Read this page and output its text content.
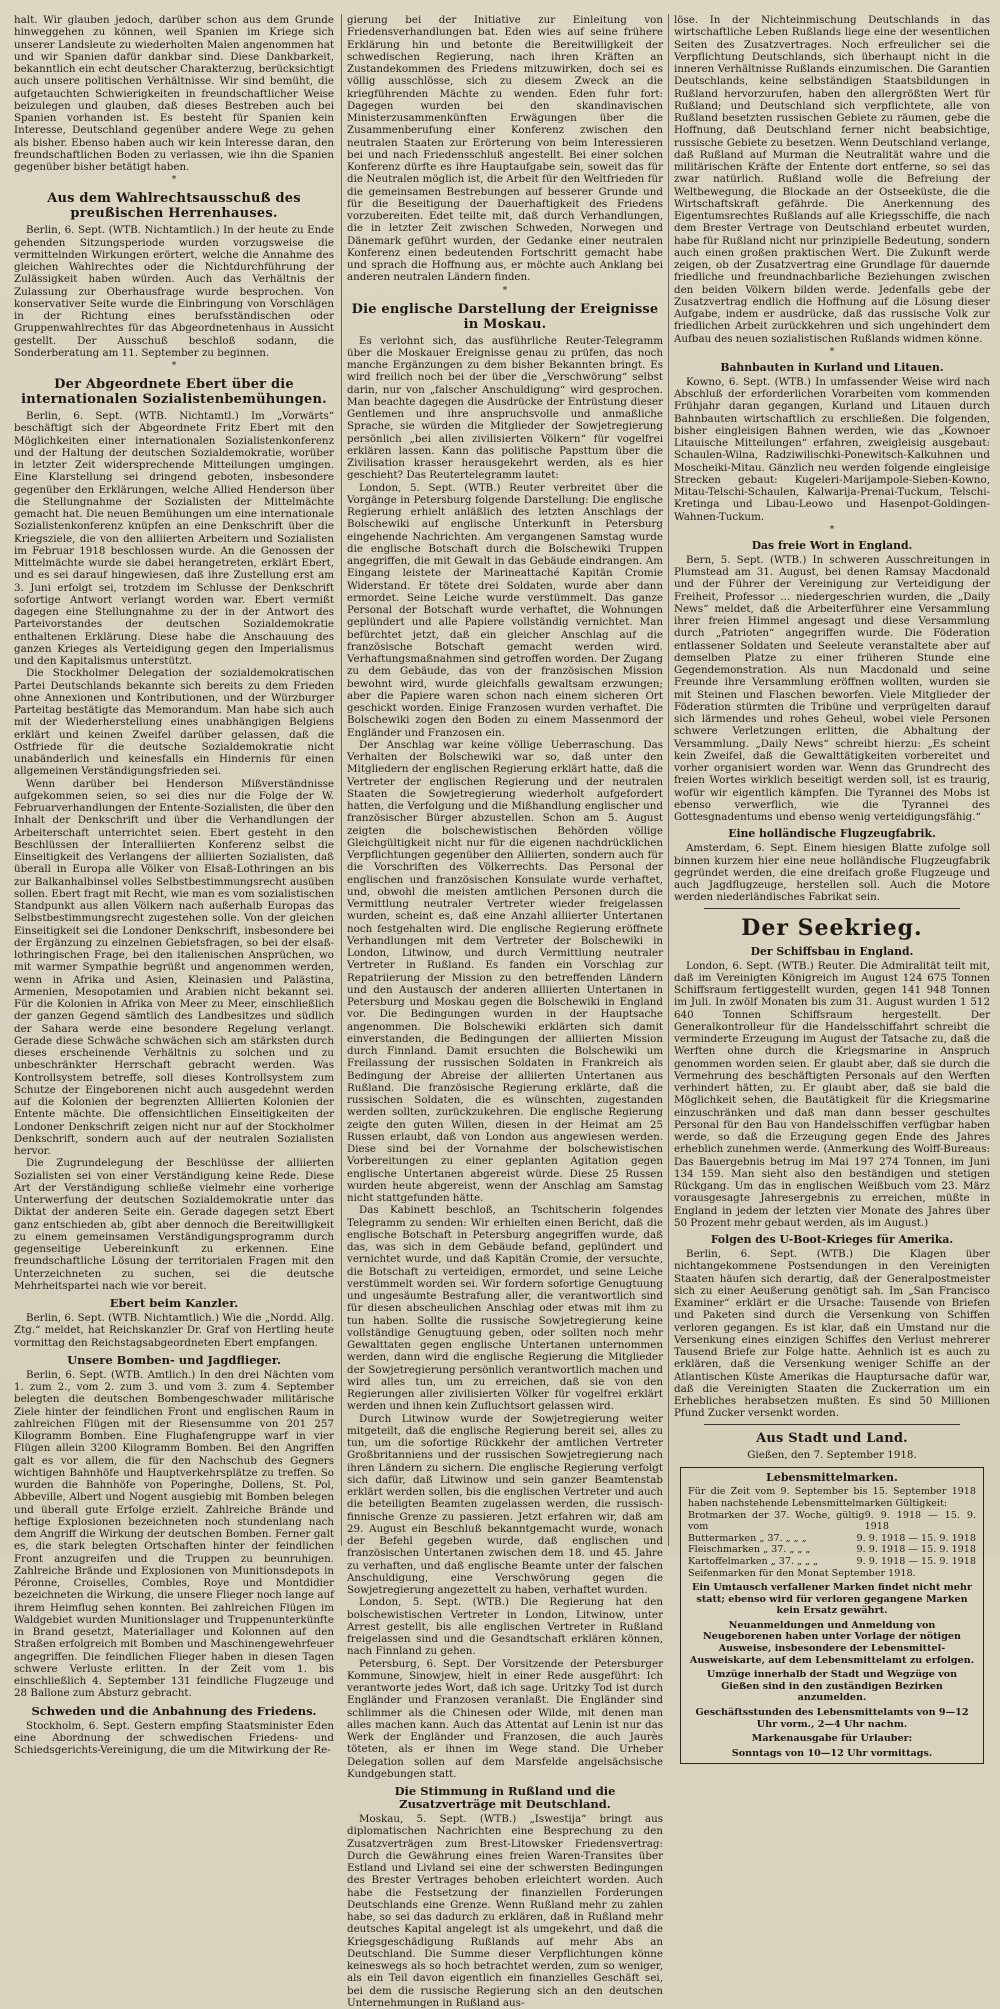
halt. Wir glauben jedoch, darüber schon aus dem Grunde hinweggehen zu können, weil Spanien im Kriege sich unserer Landsleute zu wiederholten Malen angenommen hat und wir Spanien dafür dankbar sind. Diese Dankbarkeit, bekanntlich ein echt deutscher Charakterzug, berücksichtigt auch unsere politischen Verhältnisse. Wir sind bemüht, die aufgetauchten Schwierigkeiten in freundschaftlicher Weise beizulegen und glauben, daß dieses Bestreben auch bei Spanien vorhanden ist. Es besteht für Spanien kein Interesse, Deutschland gegenüber andere Wege zu gehen als bisher. Ebenso haben auch wir kein Interesse daran, den freundschaftlichen Boden zu verlassen, wie ihn die Spanien gegenüber bisher betätigt haben.

*
Aus dem Wahlrechtsausschuß des preußischen Herrenhauses.

Berlin, 6. Sept. (WTB. Nichtamtlich.) In der heute zu Ende gehenden Sitzungsperiode wurden vorzugsweise die vermittelnden Wirkungen erörtert, welche die Annahme des gleichen Wahlrechtes oder die Nichtdurchführung der Zulässigkeit haben würden. Auch das Verhältnis der Zulassung zur Oberhausfrage wurde besprochen. Von konservativer Seite wurde die Einbringung von Vorschlägen in der Richtung eines berufsständischen oder Gruppenwahlrechtes für das Abgeordnetenhaus in Aussicht gestellt. Der Ausschuß beschloß sodann, die Sonderberatung am 11. September zu beginnen.

*
Der Abgeordnete Ebert über die internationalen Sozialistenbemühungen.

Berlin, 6. Sept. (WTB. Nichtamtl.) Im „Vorwärts“ beschäftigt sich der Abgeordnete Fritz Ebert mit den Möglichkeiten einer internationalen Sozialistenkonferenz und der Haltung der deutschen Sozialdemokratie, worüber in letzter Zeit widersprechende Mitteilungen umgingen. Eine Klarstellung sei dringend geboten, insbesondere gegenüber den Erklärungen, welche Allied Henderson über die Stellungnahme der Sozialisten der Mittelmächte gemacht hat. Die neuen Bemühungen um eine internationale Sozialistenkonferenz knüpfen an eine Denkschrift über die Kriegsziele, die von den alliierten Arbeitern und Sozialisten im Februar 1918 beschlossen wurde. An die Genossen der Mittelmächte wurde sie dabei herangetreten, erklärt Ebert, und es sei darauf hingewiesen, daß ihre Zustellung erst am 3. Juni erfolgt sei, trotzdem im Schlusse der Denkschrift sofortige Antwort verlangt worden war. Ebert vermißt dagegen eine Stellungnahme zu der in der Antwort des Parteivorstandes der deutschen Sozialdemokratie enthaltenen Erklärung. Diese habe die Anschauung des ganzen Krieges als Verteidigung gegen den Imperialismus und den Kapitalismus unterstützt.

Die Stockholmer Delegation der sozialdemokratischen Partei Deutschlands bekannte sich bereits zu dem Frieden ohne Annexionen und Kontributionen, und der Würzburger Parteitag bestätigte das Memorandum. Man habe sich auch mit der Wiederherstellung eines unabhängigen Belgiens erklärt und keinen Zweifel darüber gelassen, daß die Ostfriede für die deutsche Sozialdemokratie nicht unabänderlich und keinesfalls ein Hindernis für einen allgemeinen Verständigungsfrieden sei.

Wenn darüber bei Henderson Mißverständnisse aufgekommen seien, so sei dies nur die Folge der W. Februarverhandlungen der Entente-Sozialisten, die über den Inhalt der Denkschrift und über die Verhandlungen der Arbeiterschaft unterrichtet seien. Ebert gesteht in den Beschlüssen der Interalliierten Konferenz selbst die Einseitigkeit des Verlangens der alliierten Sozialisten, daß überall in Europa alle Völker von Elsaß-Lothringen an bis zur Balkanhalbinsel volles Selbstbestimmungsrecht ausüben sollen. Ebert fragt mit Recht, wie man es vom sozialistischen Standpunkt aus allen Völkern nach außerhalb Europas das Selbstbestimmungsrecht zugestehen solle. Von der gleichen Einseitigkeit sei die Londoner Denkschrift, insbesondere bei der Ergänzung zu einzelnen Gebietsfragen, so bei der elsaß-lothringischen Frage, bei den italienischen Ansprüchen, wo mit warmer Sympathie begrüßt und angenommen werden, wenn in Afrika und Asien, Kleinasien und Palästina, Armenien, Mesopotamien und Arabien nicht bekannt sei. Für die Kolonien in Afrika von Meer zu Meer, einschließlich der ganzen Gegend sämtlich des Landbesitzes und südlich der Sahara werde eine besondere Regelung verlangt. Gerade diese Schwäche schwächen sich am stärksten durch dieses erscheinende Verhältnis zu solchen und zu unbeschränkter Herrschaft gebracht werden. Was Kontrollsystem betreffe, soll dieses Kontrollsystem zum Schutze der Eingeborenen nicht auch ausgedehnt werden auf die Kolonien der begrenzten Alliierten Kolonien der Entente mächte. Die offensichtlichen Einseitigkeiten der Londoner Denkschrift zeigen nicht nur auf der Stockholmer Denkschrift, sondern auch auf der neutralen Sozialisten hervor.

Die Zugrundelegung der Beschlüsse der alliierten Sozialisten sei von einer Verständigung keine Rede. Diese Art der Verständigung schließe vielmehr eine vorherige Unterwerfung der deutschen Sozialdemokratie unter das Diktat der anderen Seite ein. Gerade dagegen setzt Ebert ganz entschieden ab, gibt aber dennoch die Bereitwilligkeit zu einem gemeinsamen Verständigungsprogramm durch gegenseitige Uebereinkunft zu erkennen. Eine freundschaftliche Lösung der territorialen Fragen mit den Unterzeichneten zu suchen, sei die deutsche Mehrheitspartei nach wie vor bereit.

Ebert beim Kanzler.

Berlin, 6. Sept. (WTB. Nichtamtlich.) Wie die „Nordd. Allg. Ztg.“ meldet, hat Reichskanzler Dr. Graf von Hertling heute vormittag den Reichstagsabgeordneten Ebert empfangen.

Unsere Bomben- und Jagdflieger.

Berlin, 6. Sept. (WTB. Amtlich.) In den drei Nächten vom 1. zum 2., vom 2. zum 3. und vom 3. zum 4. September belegten die deutschen Bombengeschwader militärische Ziele hinter der feindlichen Front und englischen Raum in zahlreichen Flügen mit der Riesensumme von 201 257 Kilogramm Bomben. Eine Flughafengruppe warf in vier Flügen allein 3200 Kilogramm Bomben. Bei den Angriffen galt es vor allem, die für den Nachschub des Gegners wichtigen Bahnhöfe und Hauptverkehrsplätze zu treffen. So wurden die Bahnhöfe von Poperinghe, Dollens, St. Pol, Abbeville, Albert und Nogent ausgiebig mit Bomben belegen und überall gute Erfolge erzielt. Zahlreiche Brände und heftige Explosionen bezeichneten noch stundenlang nach dem Angriff die Wirkung der deutschen Bomben. Ferner galt es, die stark belegten Ortschaften hinter der feindlichen Front anzugreifen und die Truppen zu beunruhigen. Zahlreiche Brände und Explosionen von Munitionsdepots in Péronne, Croiselles, Combles, Roye und Montdidier bezeichneten die Wirkung, die unsere Flieger noch lange auf ihrem Heimflug sehen konnten. Bei zahlreichen Flügen im Waldgebiet wurden Munitionslager und Truppenunterkünfte in Brand gesetzt, Materiallager und Kolonnen auf den Straßen erfolgreich mit Bomben und Maschinengewehrfeuer angegriffen. Die feindlichen Flieger haben in diesen Tagen schwere Verluste erlitten. In der Zeit vom 1. bis einschließlich 4. September 131 feindliche Flugzeuge und 28 Ballone zum Absturz gebracht.

Schweden und die Anbahnung des Friedens.

Stockholm, 6. Sept. Gestern empfing Staatsminister Eden eine Abordnung der schwedischen Friedens- und Schiedsgerichts-Vereinigung, die um die Mitwirkung der Re-

gierung bei der Initiative zur Einleitung von Friedensverhandlungen bat. Eden wies auf seine frühere Erklärung hin und betonte die Bereitwilligkeit der schwedischen Regierung, nach ihren Kräften an Zustandekommen des Friedens mitzuwirken, doch sei es völlig ausschlösse, sich zu diesem Zweck an die kriegführenden Mächte zu wenden. Eden fuhr fort: Dagegen wurden bei den skandinavischen Ministerzusammenkünften Erwägungen über die Zusammenberufung einer Konferenz zwischen den neutralen Staaten zur Erörterung von beim Interessieren bei und nach Friedensschluß angestellt. Bei einer solchen Konferenz dürfte es ihre Hauptaufgabe sein, soweit das für die Neutralen möglich ist, die Arbeit für den Weltfrieden für die gemeinsamen Bestrebungen auf besserer Grunde und für die Beseitigung der Dauerhaftigkeit des Friedens vorzubereiten. Edet teilte mit, daß durch Verhandlungen, die in letzter Zeit zwischen Schweden, Norwegen und Dänemark geführt wurden, der Gedanke einer neutralen Konferenz einen bedeutenden Fortschritt gemacht habe und sprach die Hoffnung aus, er möchte auch Anklang bei anderen neutralen Ländern finden.

*
Die englische Darstellung der Ereignisse in Moskau.

Es verlohnt sich, das ausführliche Reuter-Telegramm über die Moskauer Ereignisse genau zu prüfen, das noch manche Ergänzungen zu dem bisher Bekannten bringt. Es wird freilich noch bei der über die „Verschwörung“ selbst darin, nur von „falscher Anschuldigung“ wird gesprochen. Man beachte dagegen die Ausdrücke der Entrüstung dieser Gentlemen und ihre anspruchsvolle und anmaßliche Sprache, sie würden die Mitglieder der Sowjetregierung persönlich „bei allen zivilisierten Völkern“ für vogelfrei erklären lassen. Kann das politische Papsttum über die Zivilisation krasser herausgekehrt werden, als es hier geschieht? Das Reutertelegramm lautet:

London, 5. Sept. (WTB.) Reuter verbreitet über die Vorgänge in Petersburg folgende Darstellung: Die englische Regierung erhielt anläßlich des letzten Anschlags der Bolschewiki auf englische Unterkunft in Petersburg eingehende Nachrichten. Am vergangenen Samstag wurde die englische Botschaft durch die Bolschewiki Truppen angegriffen, die mit Gewalt in das Gebäude eindrangen. Am Eingang leistete der Marineattaché Kapitän Cromie Widerstand. Er tötete drei Soldaten, wurde aber dann ermordet. Seine Leiche wurde verstümmelt. Das ganze Personal der Botschaft wurde verhaftet, die Wohnungen geplündert und alle Papiere vollständig vernichtet. Man befürchtet jetzt, daß ein gleicher Anschlag auf die französische Botschaft gemacht werden wird. Verhaftungsmaßnahmen sind getroffen worden. Der Zugang zu dem Gebäude, das von der französischen Mission bewohnt wird, wurde gleichfalls gewaltsam erzwungen; aber die Papiere waren schon nach einem sicheren Ort geschickt worden. Einige Franzosen wurden verhaftet. Die Bolschewiki zogen den Boden zu einem Massenmord der Engländer und Franzosen ein.

Der Anschlag war keine völlige Ueberraschung. Das Verhalten der Bolschewiki war so, daß unter den Mitgliedern der englischen Regierung erklärt hatte, daß die Vertreter der englischen Regierung und der neutralen Staaten die Sowjetregierung wiederholt aufgefordert hatten, die Verfolgung und die Mißhandlung englischer und französischer Bürger abzustellen. Schon am 5. August zeigten die bolschewistischen Behörden völlige Gleichgültigkeit nicht nur für die eigenen nachdrücklichen Verpflichtungen gegenüber den Alliierten, sondern auch für die Vorschriften des Völkerrechts. Das Personal der englischen und französischen Konsulate wurde verhaftet, und, obwohl die meisten amtlichen Personen durch die Vermittlung neutraler Vertreter wieder freigelassen wurden, scheint es, daß eine Anzahl alliierter Untertanen noch festgehalten wird. Die englische Regierung eröffnete Verhandlungen mit dem Vertreter der Bolschewiki in London, Litwinow, und durch Vermittlung neutraler Vertreter in Rußland. Es fanden ein Vorschlag zur Repatriierung der Mission zu den betreffenden Ländern und den Austausch der anderen alliierten Untertanen in Petersburg und Moskau gegen die Bolschewiki in England vor. Die Bedingungen wurden in der Hauptsache angenommen. Die Bolschewiki erklärten sich damit einverstanden, die Bedingungen der alliierten Mission durch Finnland. Damit ersuchten die Bolschewiki um Freilassung der russischen Soldaten in Frankreich als Bedingung der Abreise der alliierten Untertanen aus Rußland. Die französische Regierung erklärte, daß die russischen Soldaten, die es wünschten, zugestanden werden sollten, zurückzukehren. Die englische Regierung zeigte den guten Willen, diesen in der Heimat am 25 Russen erlaubt, daß von London aus angewiesen werden. Diese sind bei der Vornahme der bolschewistischen Vorbereitungen zu einer geplanten Agitation gegen englische Untertanen abgereist würde. Diese 25 Russen wurden heute abgereist, wenn der Anschlag am Samstag nicht stattgefunden hätte.

Das Kabinett beschloß, an Tschitscherin folgendes Telegramm zu senden: Wir erhielten einen Bericht, daß die englische Botschaft in Petersburg angegriffen wurde, daß das, was sich in dem Gebäude befand, geplündert und vernichtet wurde, und daß Kapitän Cromie, der versuchte, die Botschaft zu verteidigen, ermordet, und seine Leiche verstümmelt worden sei. Wir fordern sofortige Genugtuung und ungesäumte Bestrafung aller, die verantwortlich sind für diesen abscheulichen Anschlag oder etwas mit ihm zu tun haben. Sollte die russische Sowjetregierung keine vollständige Genugtuung geben, oder sollten noch mehr Gewalttaten gegen englische Untertanen unternommen werden, dann wird die englische Regierung die Mitglieder der Sowjetregierung persönlich verantwortlich machen und wird alles tun, um zu erreichen, daß sie von den Regierungen aller zivilisierten Völker für vogelfrei erklärt werden und ihnen kein Zufluchtsort gelassen wird.

Durch Litwinow wurde der Sowjetregierung weiter mitgeteilt, daß die englische Regierung bereit sei, alles zu tun, um die sofortige Rückkehr der amtlichen Vertreter Großbritanniens und der russischen Sowjetregierung nach ihren Ländern zu sichern. Die englische Regierung verfolgt sich dafür, daß Litwinow und sein ganzer Beamtenstab erklärt werden sollen, bis die englischen Vertreter und auch die beteiligten Beamten zugelassen werden, die russisch-finnische Grenze zu passieren. Jetzt erfahren wir, daß am 29. August ein Beschluß bekanntgemacht wurde, wonach der Befehl gegeben wurde, daß englischen und französischen Untertanen zwischen dem 18. und 45. Jahre zu verhaften, und daß englische Beamte unter der falschen Anschuldigung, eine Verschwörung gegen die Sowjetregierung angezettelt zu haben, verhaftet wurden.

London, 5. Sept. (WTB.) Die Regierung hat den bolschewistischen Vertreter in London, Litwinow, unter Arrest gestellt, bis alle englischen Vertreter in Rußland freigelassen sind und die Gesandtschaft erklären können, nach Finnland zu gehen.

Petersburg, 6. Sept. Der Vorsitzende der Petersburger Kommune, Sinowjew, hielt in einer Rede ausgeführt: Ich verantworte jedes Wort, daß ich sage. Uritzky Tod ist durch Engländer und Franzosen veranlaßt. Die Engländer sind schlimmer als die Chinesen oder Wilde, mit denen man alles machen kann. Auch das Attentat auf Lenin ist nur das Werk der Engländer und Franzosen, die auch Jaurès töteten, als er ihnen im Wege stand. Die Urheber Delegation sollen auf dem Marsfelde angelsächsische Kundgebungen statt.

Die Stimmung in Rußland und die Zusatzverträge mit Deutschland.

Moskau, 5. Sept. (WTB.) „Iswestija“ bringt aus diplomatischen Nachrichten eine Besprechung zu den Zusatzverträgen zum Brest-Litowsker Friedensvertrag: Durch die Gewährung eines freien Waren-Transites über Estland und Livland sei eine der schwersten Bedingungen des Brester Vertrages behoben erleichtert worden. Auch habe die Festsetzung der finanziellen Forderungen Deutschlands eine Grenze. Wenn Rußland mehr zu zahlen habe, so sei das dadurch zu erklären, daß in Rußland mehr deutsches Kapital angelegt ist als umgekehrt, und daß die Kriegsgeschädigung Rußlands auf mehr Abs an Deutschland. Die Summe dieser Verpflichtungen könne keineswegs als so hoch betrachtet werden, zum so weniger, als ein Teil davon eigentlich ein finanzielles Geschäft sei, bei dem die russische Regierung sich an den deutschen Unternehmungen in Rußland aus-

löse. In der Nichteinmischung Deutschlands in das wirtschaftliche Leben Rußlands liege eine der wesentlichen Seiten des Zusatzvertrages. Noch erfreulicher sei die Verpflichtung Deutschlands, sich überhaupt nicht in die inneren Verhältnisse Rußlands einzumischen. Die Garantien Deutschlands, keine selbständigen Staatsbildungen in Rußland hervorzurufen, haben den allergrößten Wert für Rußland; und Deutschland sich verpflichtete, alle von Rußland besetzten russischen Gebiete zu räumen, gebe die Hoffnung, daß Deutschland ferner nicht beabsichtige, russische Gebiete zu besetzen. Wenn Deutschland verlange, daß Rußland auf Murman die Neutralität wahre und die militärischen Kräfte der Entente dort entferne, so sei das zwar natürlich. Rußland wolle die Befreiung der Weltbewegung, die Blockade an der Ostseeküste, die die Wirtschaftskraft gefährde. Die Anerkennung des Eigentumsrechtes Rußlands auf alle Kriegsschiffe, die nach dem Brester Vertrage von Deutschland erbeutet wurden, habe für Rußland nicht nur prinzipielle Bedeutung, sondern auch einen großen praktischen Wert. Die Zukunft werde zeigen, ob der Zusatzvertrag eine Grundlage für dauernde friedliche und freundnachbarliche Beziehungen zwischen den beiden Völkern bilden werde. Jedenfalls gebe der Zusatzvertrag endlich die Hoffnung auf die Lösung dieser Aufgabe, indem er ausdrücke, daß das russische Volk zur friedlichen Arbeit zurückkehren und sich ungehindert dem Aufbau des neuen sozialistischen Rußlands widmen könne.

*
Bahnbauten in Kurland und Litauen.

Kowno, 6. Sept. (WTB.) In umfassender Weise wird nach Abschluß der erforderlichen Vorarbeiten vom kommenden Frühjahr daran gegangen, Kurland und Litauen durch Bahnbauten wirtschaftlich zu erschließen. Die folgenden, bisher eingleisigen Bahnen werden, wie das „Kownoer Litauische Mitteilungen“ erfahren, zweigleisig ausgebaut: Schaulen-Wilna, Radziwilischki-Ponewitsch-Kalkuhnen und Moscheiki-Mitau. Gänzlich neu werden folgende eingleisige Strecken gebaut: Kugeleri-Marijampole-Sieben-Kowno, Mitau-Telschi-Schaulen, Kalwarija-Prenai-Tuckum, Telschi-Kretinga und Libau-Leowo und Hasenpot-Goldingen-Wahnen-Tuckum.

*
Das freie Wort in England.

Bern, 5. Sept. (WTB.) In schweren Ausschreitungen in Plumstead am 31. August, bei denen Ramsay Macdonald und der Führer der Vereinigung zur Verteidigung der Freiheit, Professor ... niedergeschrien wurden, die „Daily News“ meldet, daß die Arbeiterführer eine Versammlung ihrer freien Himmel angesagt und diese Versammlung durch „Patrioten“ angegriffen wurde. Die Föderation entlassener Soldaten und Seeleute veranstaltete aber auf demselben Platze zu einer früheren Stunde eine Gegendemonstration. Als nun Macdonald und seine Freunde ihre Versammlung eröffnen wollten, wurden sie mit Steinen und Flaschen beworfen. Viele Mitglieder der Föderation stürmten die Tribüne und verprügelten darauf sich lärmendes und rohes Geheul, wobei viele Personen schwere Verletzungen erlitten, die Abhaltung der Versammlung. „Daily News“ schreibt hierzu: „Es scheint kein Zweifel, daß die Gewalttätigkeiten vorbereitet und vorher organisiert worden war. Wenn das Grundrecht des freien Wortes wirklich beseitigt werden soll, ist es traurig, wofür wir eigentlich kämpfen. Die Tyrannei des Mobs ist ebenso verwerflich, wie die Tyrannei des Gottesgnadentums und ebenso wenig verteidigungsfähig.“

Eine holländische Flugzeugfabrik.

Amsterdam, 6. Sept. Einem hiesigen Blatte zufolge soll binnen kurzem hier eine neue holländische Flugzeugfabrik gegründet werden, die eine dreifach große Flugzeuge und auch Jagdflugzeuge, herstellen soll. Auch die Motore werden niederländisches Fabrikat sein.

Der Seekrieg.
Der Schiffsbau in England.

London, 6. Sept. (WTB.) Reuter. Die Admiralität teilt mit, daß im Vereinigten Königreich im August 124 675 Tonnen Schiffsraum fertiggestellt wurden, gegen 141 948 Tonnen im Juli. In zwölf Monaten bis zum 31. August wurden 1 512 640 Tonnen Schiffsraum hergestellt. Der Generalkontrolleur für die Handelsschiffahrt schreibt die verminderte Erzeugung im August der Tatsache zu, daß die Werften ohne durch die Kriegsmarine in Anspruch genommen worden seien. Er glaubt aber, daß sie durch die Vermehrung des beschäftigten Personals auf den Werften verhindert hätten, zu. Er glaubt aber, daß sie bald die Möglichkeit sehen, die Bautätigkeit für die Kriegsmarine einzuschränken und daß man dann besser geschultes Personal für den Bau von Handelsschiffen verfügbar haben werde, so daß die Erzeugung gegen Ende des Jahres erheblich zunehmen werde. (Anmerkung des Wolff-Bureaus: Das Bauergebnis betrug im Mai 197 274 Tonnen, im Juni 134 159. Man sieht also den beständigen und stetigen Rückgang. Um das in englischen Weißbuch vom 23. März vorausgesagte Jahresergebnis zu erreichen, müßte in England in jedem der letzten vier Monate des Jahres über 50 Prozent mehr gebaut werden, als im August.)

Folgen des U-Boot-Krieges für Amerika.

Berlin, 6. Sept. (WTB.) Die Klagen über nichtangekommene Postsendungen in den Vereinigten Staaten häufen sich derartig, daß der Generalpostmeister sich zu einer Aeußerung genötigt sah. Im „San Francisco Examiner“ erklärt er die Ursache: Tausende von Briefen und Paketen sind durch die Versenkung von Schiffen verloren gegangen. Es ist klar, daß ein Umstand nur die Versenkung eines einzigen Schiffes den Verlust mehrerer Tausend Briefe zur Folge hatte. Aehnlich ist es auch zu erklären, daß die Versenkung weniger Schiffe an der Atlantischen Küste Amerikas die Hauptursache dafür war, daß die Vereinigten Staaten die Zuckerration um ein Erhebliches herabsetzen mußten. Es sind 50 Millionen Pfund Zucker versenkt worden.

Aus Stadt und Land.
Gießen, den 7. September 1918.
Lebensmittelmarken.

Für die Zeit vom 9. September bis 15. September 1918 haben nachstehende Lebensmittelmarken Gültigkeit:

Brotmarken der 37. Woche, gültig vom
9. 9. 1918 — 15. 9. 1918
Buttermarken „ 37. „ „ „	9. 9. 1918 — 15. 9. 1918
Fleischmarken „ 37. „ „ „	9. 9. 1918 — 15. 9. 1918
Kartoffelmarken „ 37. „ „ „	9. 9. 1918 — 15. 9. 1918
Seifenmarken für den Monat September 1918.
Ein Umtausch verfallener Marken findet nicht mehr statt; ebenso wird für verloren gegangene Marken kein Ersatz gewährt.
Neuanmeldungen und Anmeldung von Neugeborenen haben unter Vorlage der nötigen Ausweise, insbesondere der Lebensmittel-Ausweiskarte, auf dem Lebensmittelamt zu erfolgen.
Umzüge innerhalb der Stadt und Wegzüge von Gießen sind in den zuständigen Bezirken anzumelden.
Geschäftsstunden des Lebensmittelamts von 9—12 Uhr vorm., 2—4 Uhr nachm.
Markenausgabe für Urlauber:
Sonntags von 10—12 Uhr vormittags.
